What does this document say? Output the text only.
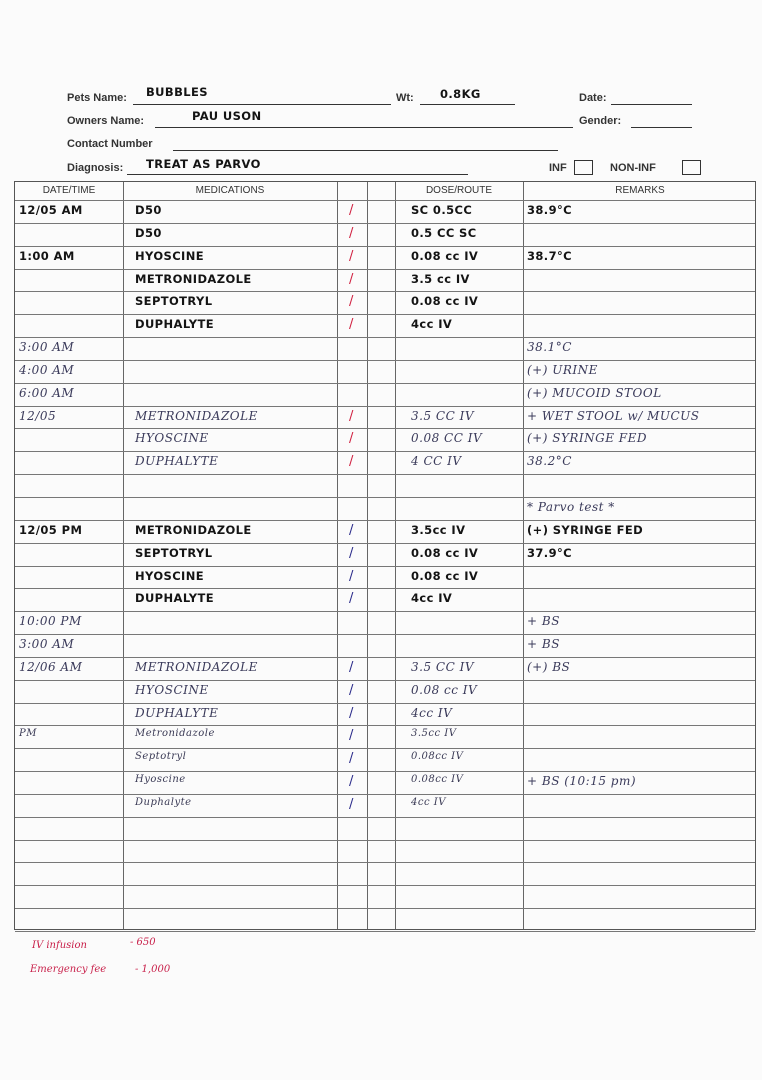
Pets Name: BUBBLES	Wt: 0.8KG	Date:
Owners Name:	PAU USON	Gender:
Contact Number
Diagnosis: TREAT AS PARVO	INF	NON-INF
DATE/TIME	MEDICATIONS	DOSE/ROUTE	REMARKS
12/05 AM	D50	/	SC 0.5CC	38.9°C
D50	/	0.5 CC SC
1:00 AM	HYOSCINE	/	0.08 cc IV	38.7°C
METRONIDAZOLE	/	3.5 cc IV
SEPTOTRYL	/	0.08 cc IV
DUPHALYTE	/	4cc IV
3:00 AM	38.1°C
4:00 AM	(+) URINE
6:00 AM	(+) MUCOID STOOL
12/05	METRONIDAZOLE	/	3.5 CC IV	+ WET STOOL w/ MUCUS
HYOSCINE	/	0.08 CC IV	(+) SYRINGE FED
DUPHALYTE	/	4 CC IV	38.2°C
* Parvo test *
12/05 PM	METRONIDAZOLE	/	3.5cc IV	(+) SYRINGE FED
SEPTOTRYL	/	0.08 cc IV	37.9°C
HYOSCINE	/	0.08 cc IV
DUPHALYTE	/	4cc IV
10:00 PM	+ BS
3:00 AM	+ BS
12/06 AM	METRONIDAZOLE	/	3.5 CC IV	(+) BS
HYOSCINE	/	0.08 cc IV
DUPHALYTE	/	4cc IV
PM	Metronidazole	/	3.5cc IV
Septotryl	/	0.08cc IV
Hyoscine	/	0.08cc IV	+ BS (10:15 pm)
Duphalyte	/	4cc IV
IV infusion	- 650
Emergency fee	- 1,000
